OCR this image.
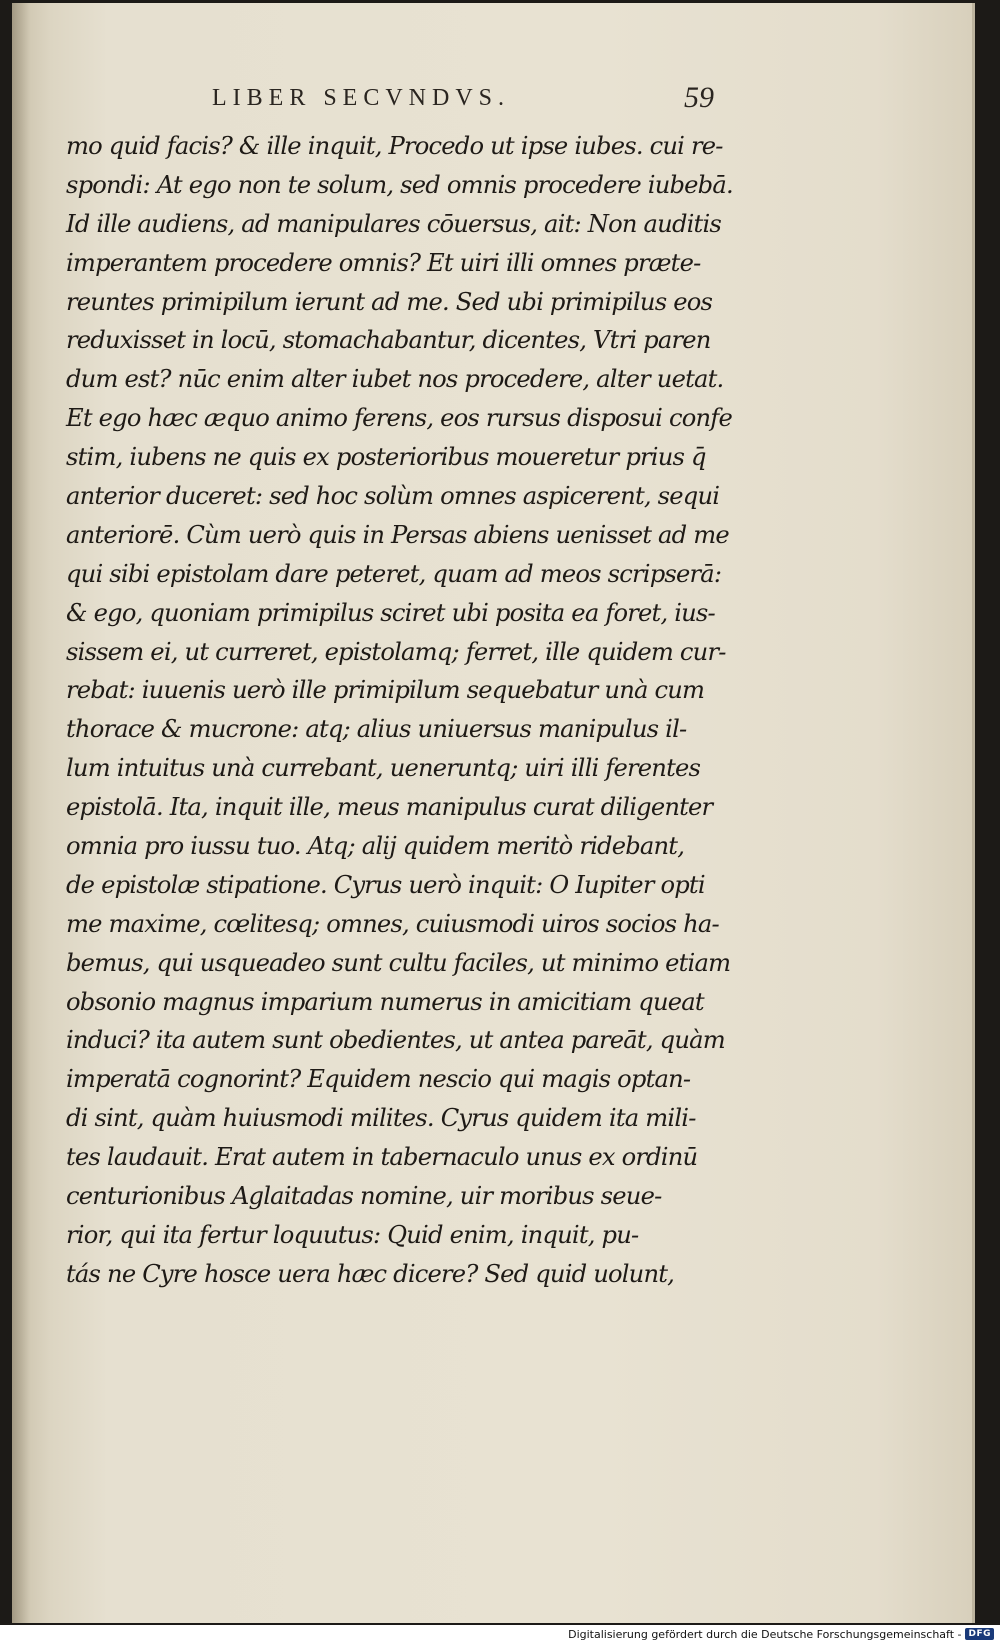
LIBER SECVNDVS.	59
mo quid facis? & ille inquit, Procedo ut ipse iubes. cui re-
spondi: At ego non te solum, sed omnis procedere iubebā.
Id ille audiens, ad manipulares cōuersus, ait: Non auditis
imperantem procedere omnis? Et uiri illi omnes præte-
reuntes primipilum ierunt ad me. Sed ubi primipilus eos
reduxisset in locū, stomachabantur, dicentes, Vtri paren
dum est? nūc enim alter iubet nos procedere, alter uetat.
Et ego hæc æquo animo ferens, eos rursus disposui confe
stim, iubens ne quis ex posterioribus moueretur prius q̄
anterior duceret: sed hoc solùm omnes aspicerent, sequi
anteriorē. Cùm uerò quis in Persas abiens uenisset ad me
qui sibi epistolam dare peteret, quam ad meos scripserā:
& ego, quoniam primipilus sciret ubi posita ea foret, ius-
sissem ei, ut curreret, epistolamq; ferret, ille quidem cur-
rebat: iuuenis uerò ille primipilum sequebatur unà cum
thorace & mucrone: atq; alius uniuersus manipulus il-
lum intuitus unà currebant, ueneruntq; uiri illi ferentes
epistolā. Ita, inquit ille, meus manipulus curat diligenter
omnia pro iussu tuo. Atq; alij quidem meritò ridebant,
de epistolæ stipatione. Cyrus uerò inquit: O Iupiter opti
me maxime, cœlitesq; omnes, cuiusmodi uiros socios ha-
bemus, qui usqueadeo sunt cultu faciles, ut minimo etiam
obsonio magnus imparium numerus in amicitiam queat
induci? ita autem sunt obedientes, ut antea pareāt, quàm
imperatā cognorint? Equidem nescio qui magis optan-
di sint, quàm huiusmodi milites. Cyrus quidem ita mili-
tes laudauit. Erat autem in tabernaculo unus ex ordinū
centurionibus Aglaitadas nomine, uir moribus seue-
rior, qui ita fertur loquutus: Quid enim, inquit, pu-
tás ne Cyre hosce uera hæc dicere? Sed quid uolunt,
Digitalisierung gefördert durch die Deutsche Forschungsgemeinschaft - DFG
